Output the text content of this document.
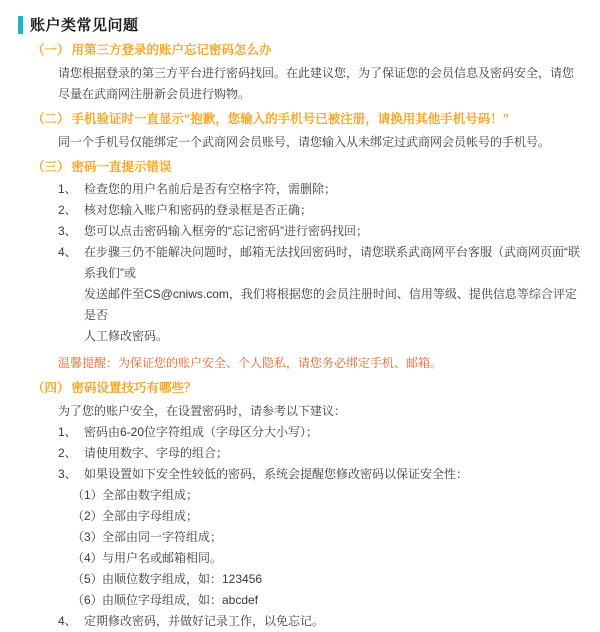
账户类常见问题
（一） 用第三方登录的账户忘记密码怎么办
请您根据登录的第三方平台进行密码找回。在此建议您，为了保证您的会员信息及密码安全，请您
尽量在武商网注册新会员进行购物。
（二） 手机验证时一直显示“抱歉，您输入的手机号已被注册，请换用其他手机号码！”
同一个手机号仅能绑定一个武商网会员账号，请您输入从未绑定过武商网会员帐号的手机号。
（三） 密码一直提示错误
1、 检查您的用户名前后是否有空格字符，需删除；
2、 核对您输入账户和密码的登录框是否正确；
3、 您可以点击密码输入框旁的“忘记密码”进行密码找回；
4、 在步骤三仍不能解决问题时，邮箱无法找回密码时，请您联系武商网平台客服（武商网页面“联系我们”或
发送邮件至CS@cniws.com，我们将根据您的会员注册时间、信用等级、提供信息等综合评定是否
人工修改密码。
温馨提醒：为保证您的账户安全、个人隐私，请您务必绑定手机、邮箱。
（四） 密码设置技巧有哪些？
为了您的账户安全，在设置密码时，请参考以下建议：
1、 密码由6-20位字符组成（字母区分大小写）；
2、 请使用数字、字母的组合；
3、 如果设置如下安全性较低的密码，系统会提醒您修改密码以保证安全性：
（1） 全部由数字组成；
（2） 全部由字母组成；
（3） 全部由同一字符组成；
（4） 与用户名或邮箱相同。
（5） 由顺位数字组成，如：123456
（6） 由顺位字母组成，如：abcdef
4、 定期修改密码，并做好记录工作，以免忘记。
